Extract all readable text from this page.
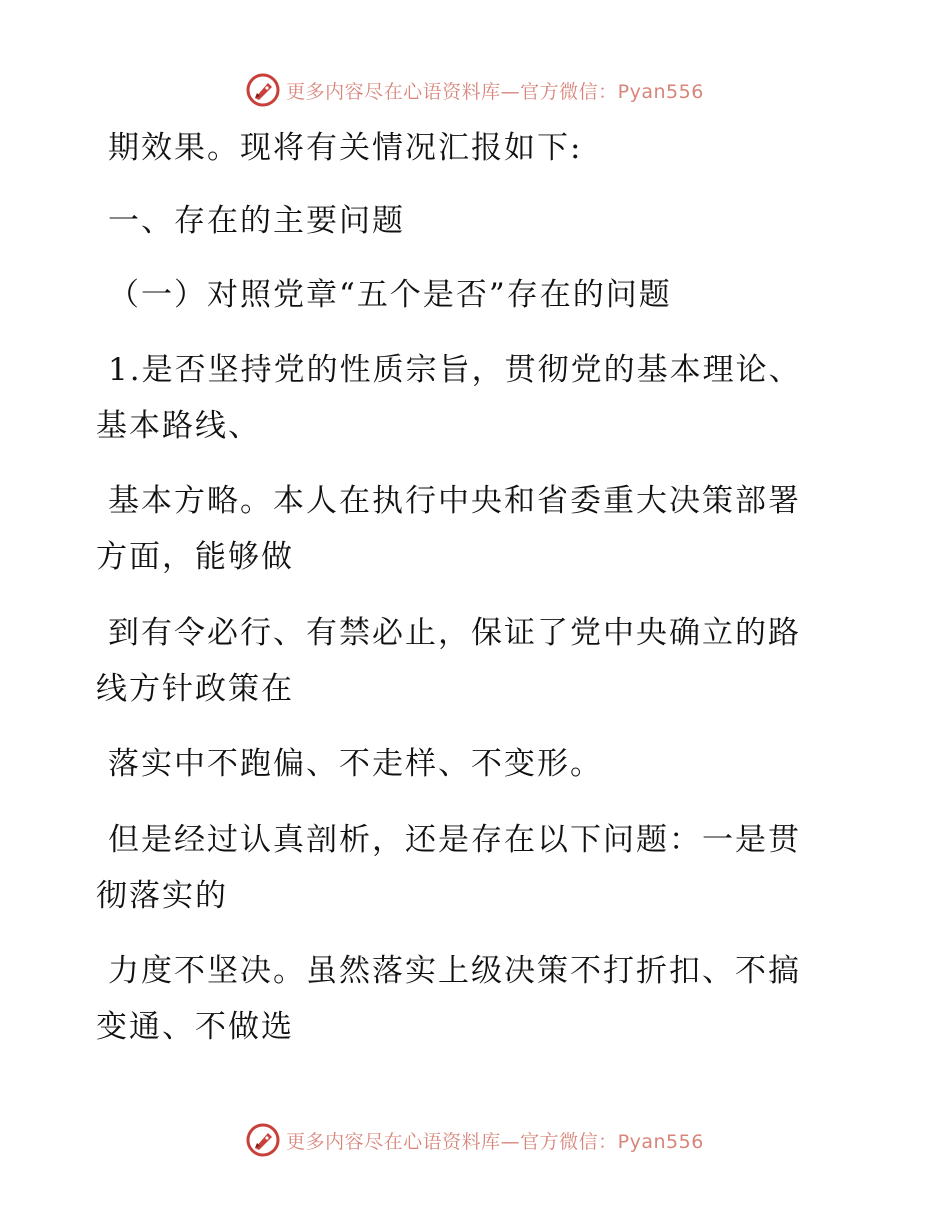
更多内容尽在心语资料库—官方微信：Pyan556
期效果。现将有关情况汇报如下:
一、存在的主要问题
（一）对照党章“五个是否”存在的问题
1.是否坚持党的性质宗旨，贯彻党的基本理论、
基本路线、
基本方略。本人在执行中央和省委重大决策部署
方面，能够做
到有令必行、有禁必止，保证了党中央确立的路
线方针政策在
落实中不跑偏、不走样、不变形。
但是经过认真剖析，还是存在以下问题：一是贯
彻落实的
力度不坚决。虽然落实上级决策不打折扣、不搞
变通、不做选
更多内容尽在心语资料库—官方微信：Pyan556
